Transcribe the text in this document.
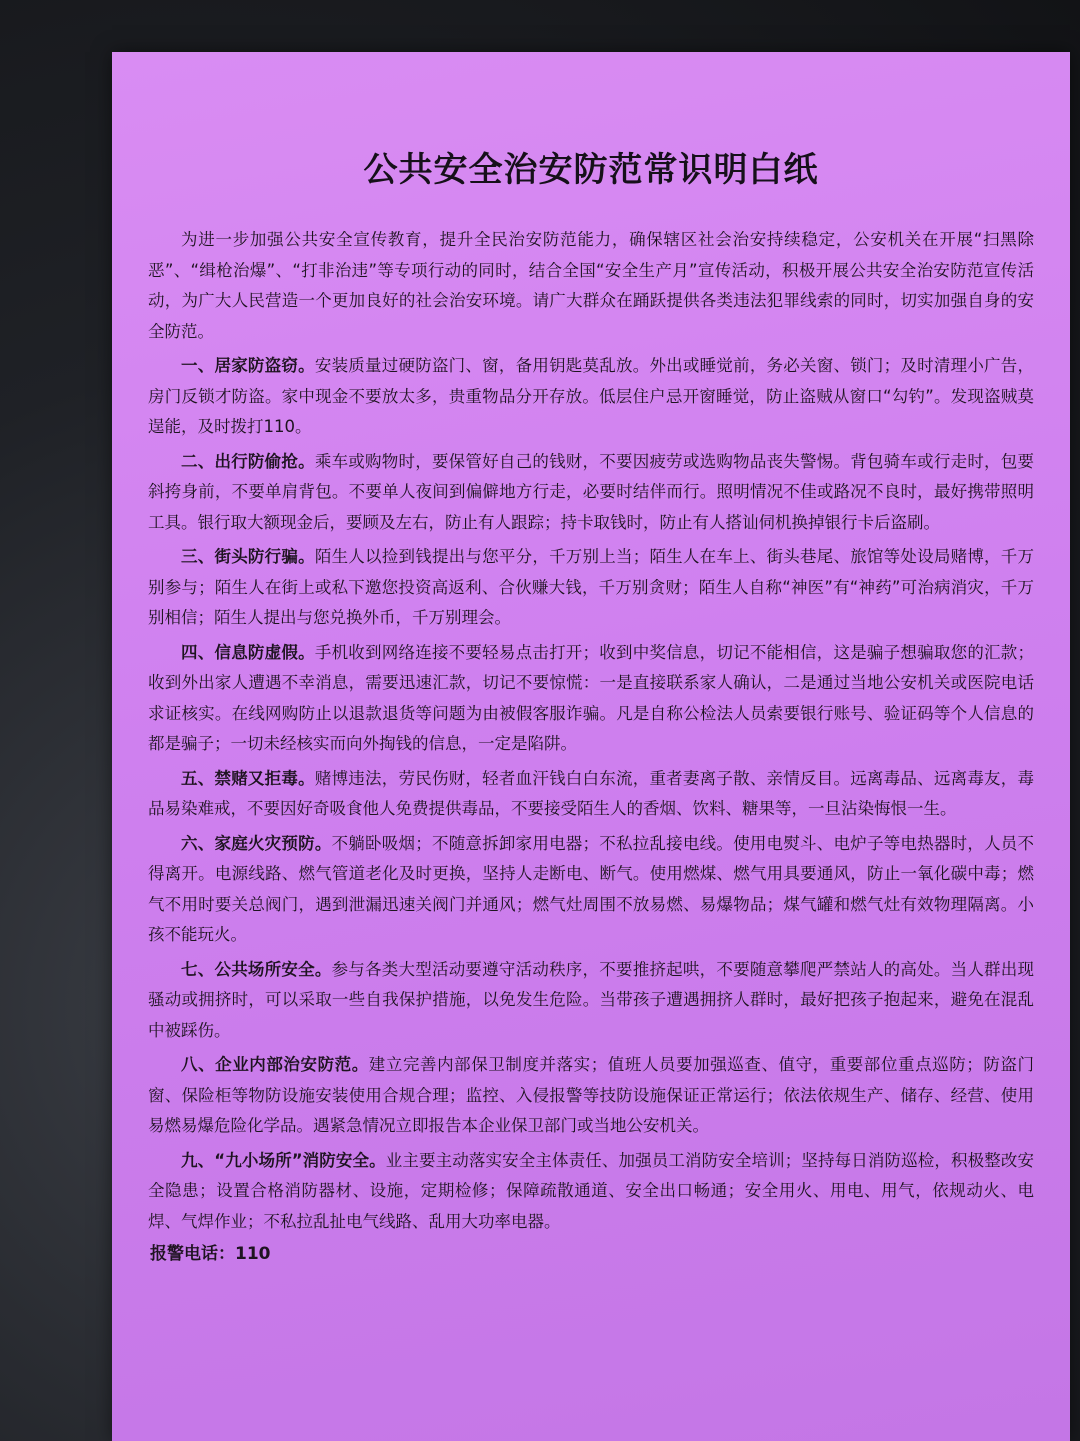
公共安全治安防范常识明白纸

为进一步加强公共安全宣传教育，提升全民治安防范能力，确保辖区社会治安持续稳定，公安机关在开展“扫黑除恶”、“缉枪治爆”、“打非治违”等专项行动的同时，结合全国“安全生产月”宣传活动，积极开展公共安全治安防范宣传活动，为广大人民营造一个更加良好的社会治安环境。请广大群众在踊跃提供各类违法犯罪线索的同时，切实加强自身的安全防范。

一、居家防盗窃。安装质量过硬防盗门、窗，备用钥匙莫乱放。外出或睡觉前，务必关窗、锁门；及时清理小广告，房门反锁才防盗。家中现金不要放太多，贵重物品分开存放。低层住户忌开窗睡觉，防止盗贼从窗口“勾钓”。发现盗贼莫逞能，及时拨打110。

二、出行防偷抢。乘车或购物时，要保管好自己的钱财，不要因疲劳或选购物品丧失警惕。背包骑车或行走时，包要斜挎身前，不要单肩背包。不要单人夜间到偏僻地方行走，必要时结伴而行。照明情况不佳或路况不良时，最好携带照明工具。银行取大额现金后，要顾及左右，防止有人跟踪；持卡取钱时，防止有人搭讪伺机换掉银行卡后盗刷。

三、街头防行骗。陌生人以捡到钱提出与您平分，千万别上当；陌生人在车上、街头巷尾、旅馆等处设局赌博，千万别参与；陌生人在街上或私下邀您投资高返利、合伙赚大钱，千万别贪财；陌生人自称“神医”有“神药”可治病消灾，千万别相信；陌生人提出与您兑换外币，千万别理会。

四、信息防虚假。手机收到网络连接不要轻易点击打开；收到中奖信息，切记不能相信，这是骗子想骗取您的汇款；收到外出家人遭遇不幸消息，需要迅速汇款，切记不要惊慌：一是直接联系家人确认，二是通过当地公安机关或医院电话求证核实。在线网购防止以退款退货等问题为由被假客服诈骗。凡是自称公检法人员索要银行账号、验证码等个人信息的都是骗子；一切未经核实而向外掏钱的信息，一定是陷阱。

五、禁赌又拒毒。赌博违法，劳民伤财，轻者血汗钱白白东流，重者妻离子散、亲情反目。远离毒品、远离毒友，毒品易染难戒，不要因好奇吸食他人免费提供毒品，不要接受陌生人的香烟、饮料、糖果等，一旦沾染悔恨一生。

六、家庭火灾预防。不躺卧吸烟；不随意拆卸家用电器；不私拉乱接电线。使用电熨斗、电炉子等电热器时，人员不得离开。电源线路、燃气管道老化及时更换，坚持人走断电、断气。使用燃煤、燃气用具要通风，防止一氧化碳中毒；燃气不用时要关总阀门，遇到泄漏迅速关阀门并通风；燃气灶周围不放易燃、易爆物品；煤气罐和燃气灶有效物理隔离。小孩不能玩火。

七、公共场所安全。参与各类大型活动要遵守活动秩序，不要推挤起哄，不要随意攀爬严禁站人的高处。当人群出现骚动或拥挤时，可以采取一些自我保护措施，以免发生危险。当带孩子遭遇拥挤人群时，最好把孩子抱起来，避免在混乱中被踩伤。

八、企业内部治安防范。建立完善内部保卫制度并落实；值班人员要加强巡查、值守，重要部位重点巡防；防盗门窗、保险柜等物防设施安装使用合规合理；监控、入侵报警等技防设施保证正常运行；依法依规生产、储存、经营、使用易燃易爆危险化学品。遇紧急情况立即报告本企业保卫部门或当地公安机关。

九、“九小场所”消防安全。业主要主动落实安全主体责任、加强员工消防安全培训；坚持每日消防巡检，积极整改安全隐患；设置合格消防器材、设施，定期检修；保障疏散通道、安全出口畅通；安全用火、用电、用气，依规动火、电焊、气焊作业；不私拉乱扯电气线路、乱用大功率电器。

报警电话：110
